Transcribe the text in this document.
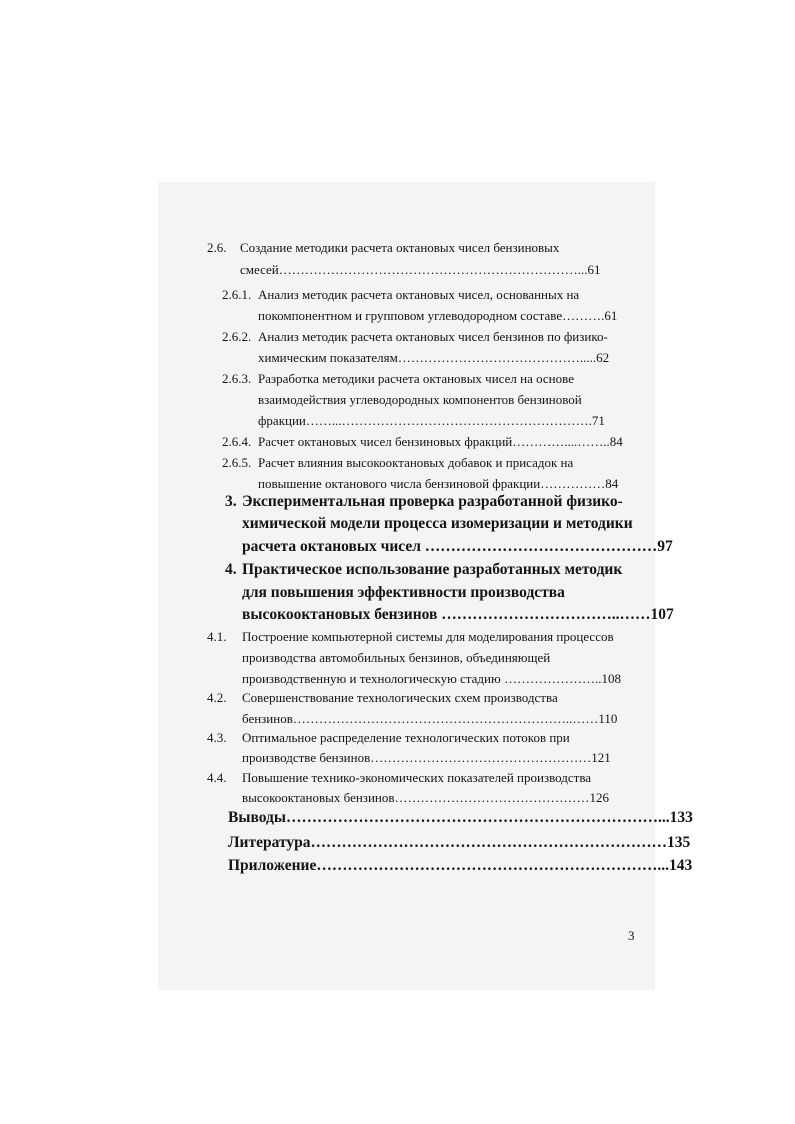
2.6. Создание методики расчета октановых чисел бензиновых
смесей……………………………………………………………...61
2.6.1. Анализ методик расчета октановых чисел, основанных на
покомпонентном и групповом углеводородном составе……….61
2.6.2. Анализ методик расчета октановых чисел бензинов по физико-
химическим показателям…………………………………….....62
2.6.3. Разработка методики расчета октановых чисел на основе
взаимодействия углеводородных компонентов бензиновой
фракции……...………………………………………………….71
2.6.4. Расчет октановых чисел бензиновых фракций…………....……..84
2.6.5. Расчет влияния высокооктановых добавок и присадок на
повышение октанового числа бензиновой фракции……………84
3. Экспериментальная проверка разработанной физико-
химической модели процесса изомеризации и методики
расчета октановых чисел ………………………………………97
4. Практическое использование разработанных методик
для повышения эффективности производства
высокооктановых бензинов ……………………………..……107
4.1. Построение компьютерной системы для моделирования процессов
производства автомобильных бензинов, объединяющей
производственную и технологическую стадию …………………..108
4.2. Совершенствование технологических схем производства
бензинов………………………………………………………..……110
4.3. Оптимальное распределение технологических потоков при
производстве бензинов……………………………………………121
4.4. Повышение технико-экономических показателей производства
высокооктановых бензинов………………………………………126
Выводы………………………………………………………………...133
Литература……………………………………………………………135
Приложение…………………………………………………………...143
3
